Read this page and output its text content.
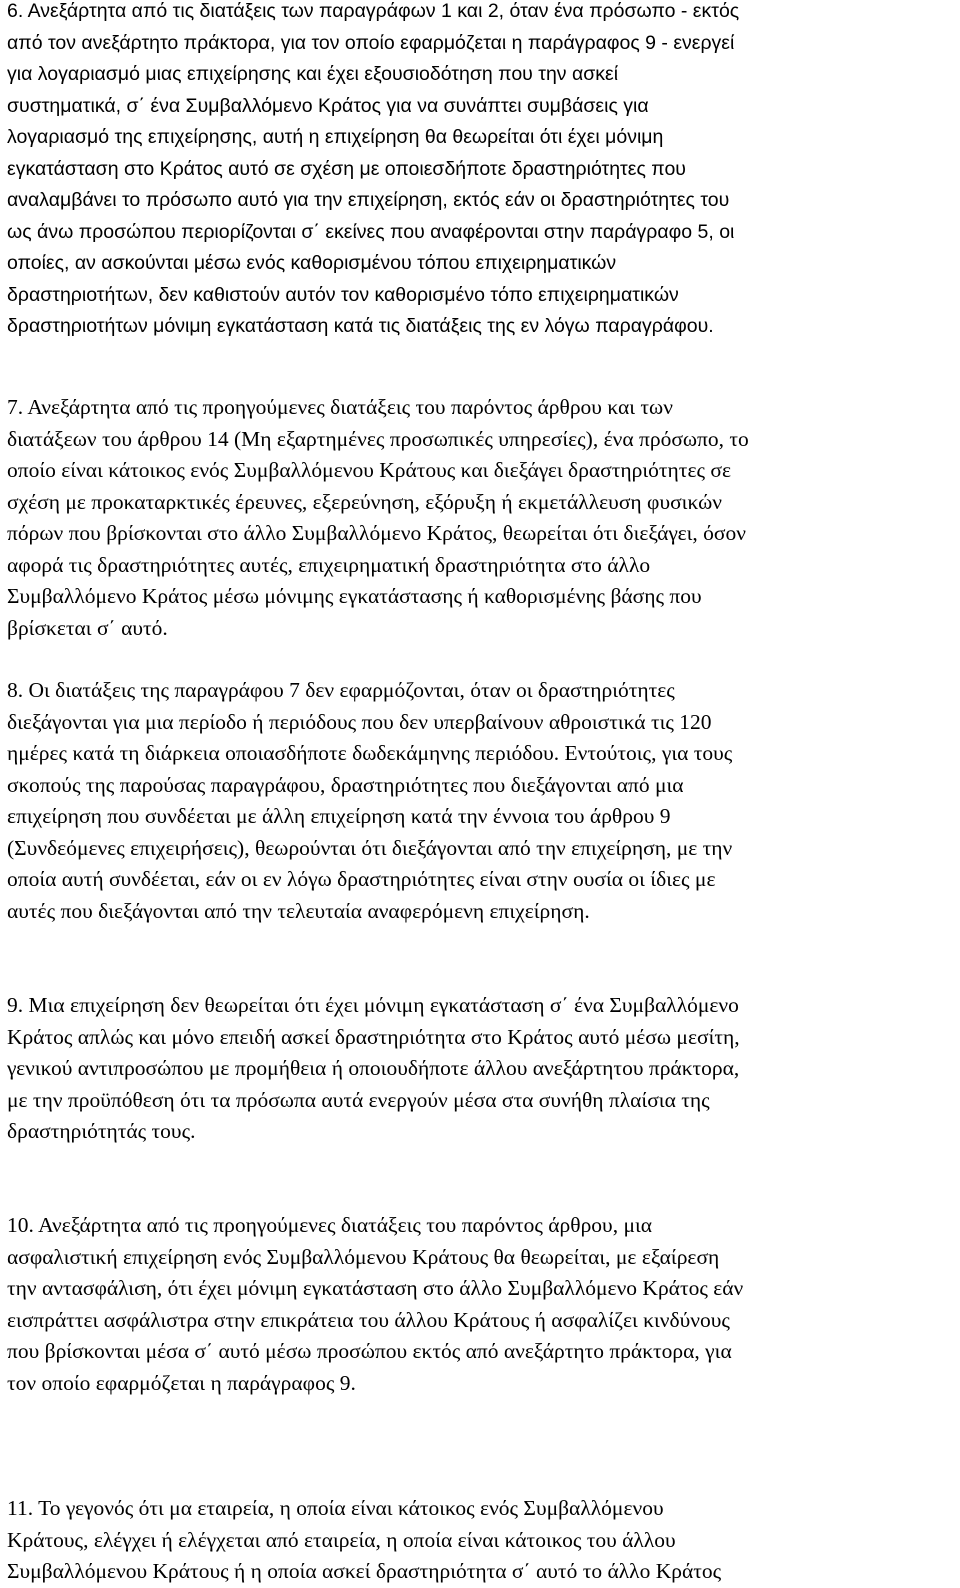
6. Ανεξάρτητα από τις διατάξεις των παραγράφων 1 και 2, όταν ένα πρόσωπο - εκτός
από τον ανεξάρτητο πράκτορα, για τον οποίο εφαρμόζεται η παράγραφος 9 - ενεργεί
για λογαριασμό μιας επιχείρησης και έχει εξουσιοδότηση που την ασκεί
συστηματικά, σ΄ ένα Συμβαλλόμενο Κράτος για να συνάπτει συμβάσεις για
λογαριασμό της επιχείρησης, αυτή η επιχείρηση θα θεωρείται ότι έχει μόνιμη
εγκατάσταση στο Κράτος αυτό σε σχέση με οποιεσδήποτε δραστηριότητες που
αναλαμβάνει το πρόσωπο αυτό για την επιχείρηση, εκτός εάν οι δραστηριότητες του
ως άνω προσώπου περιορίζονται σ΄ εκείνες που αναφέρονται στην παράγραφο 5, οι
οποίες, αν ασκούνται μέσω ενός καθορισμένου τόπου επιχειρηματικών
δραστηριοτήτων, δεν καθιστούν αυτόν τον καθορισμένο τόπο επιχειρηματικών
δραστηριοτήτων μόνιμη εγκατάσταση κατά τις διατάξεις της εν λόγω παραγράφου.

7. Ανεξάρτητα από τις προηγούμενες διατάξεις του παρόντος άρθρου και των
διατάξεων του άρθρου 14 (Μη εξαρτημένες προσωπικές υπηρεσίες), ένα πρόσωπο, το
οποίο είναι κάτοικος ενός Συμβαλλόμενου Κράτους και διεξάγει δραστηριότητες σε
σχέση με προκαταρκτικές έρευνες, εξερεύνηση, εξόρυξη ή εκμετάλλευση φυσικών
πόρων που βρίσκονται στο άλλο Συμβαλλόμενο Κράτος, θεωρείται ότι διεξάγει, όσον
αφορά τις δραστηριότητες αυτές, επιχειρηματική δραστηριότητα στο άλλο
Συμβαλλόμενο Κράτος μέσω μόνιμης εγκατάστασης ή καθορισμένης βάσης που
βρίσκεται σ΄ αυτό.

8. Οι διατάξεις της παραγράφου 7 δεν εφαρμόζονται, όταν οι δραστηριότητες
διεξάγονται για μια περίοδο ή περιόδους που δεν υπερβαίνουν αθροιστικά τις 120
ημέρες κατά τη διάρκεια οποιασδήποτε δωδεκάμηνης περιόδου. Εντούτοις, για τους
σκοπούς της παρούσας παραγράφου, δραστηριότητες που διεξάγονται από μια
επιχείρηση που συνδέεται με άλλη επιχείρηση κατά την έννοια του άρθρου 9
(Συνδεόμενες επιχειρήσεις), θεωρούνται ότι διεξάγονται από την επιχείρηση, με την
οποία αυτή συνδέεται, εάν οι εν λόγω δραστηριότητες είναι στην ουσία οι ίδιες με
αυτές που διεξάγονται από την τελευταία αναφερόμενη επιχείρηση.

9. Μια επιχείρηση δεν θεωρείται ότι έχει μόνιμη εγκατάσταση σ΄ ένα Συμβαλλόμενο
Κράτος απλώς και μόνο επειδή ασκεί δραστηριότητα στο Κράτος αυτό μέσω μεσίτη,
γενικού αντιπροσώπου με προμήθεια ή οποιουδήποτε άλλου ανεξάρτητου πράκτορα,
με την προϋπόθεση ότι τα πρόσωπα αυτά ενεργούν μέσα στα συνήθη πλαίσια της
δραστηριότητάς τους.

10. Ανεξάρτητα από τις προηγούμενες διατάξεις του παρόντος άρθρου, μια
ασφαλιστική επιχείρηση ενός Συμβαλλόμενου Κράτους θα θεωρείται, με εξαίρεση
την αντασφάλιση, ότι έχει μόνιμη εγκατάσταση στο άλλο Συμβαλλόμενο Κράτος εάν
εισπράττει ασφάλιστρα στην επικράτεια του άλλου Κράτους ή ασφαλίζει κινδύνους
που βρίσκονται μέσα σ΄ αυτό μέσω προσώπου εκτός από ανεξάρτητο πράκτορα, για
τον οποίο εφαρμόζεται η παράγραφος 9.

11. Το γεγονός ότι μα εταιρεία, η οποία είναι κάτοικος ενός Συμβαλλόμενου
Κράτους, ελέγχει ή ελέγχεται από εταιρεία, η οποία είναι κάτοικος του άλλου
Συμβαλλόμενου Κράτους ή η οποία ασκεί δραστηριότητα σ΄ αυτό το άλλο Κράτος
